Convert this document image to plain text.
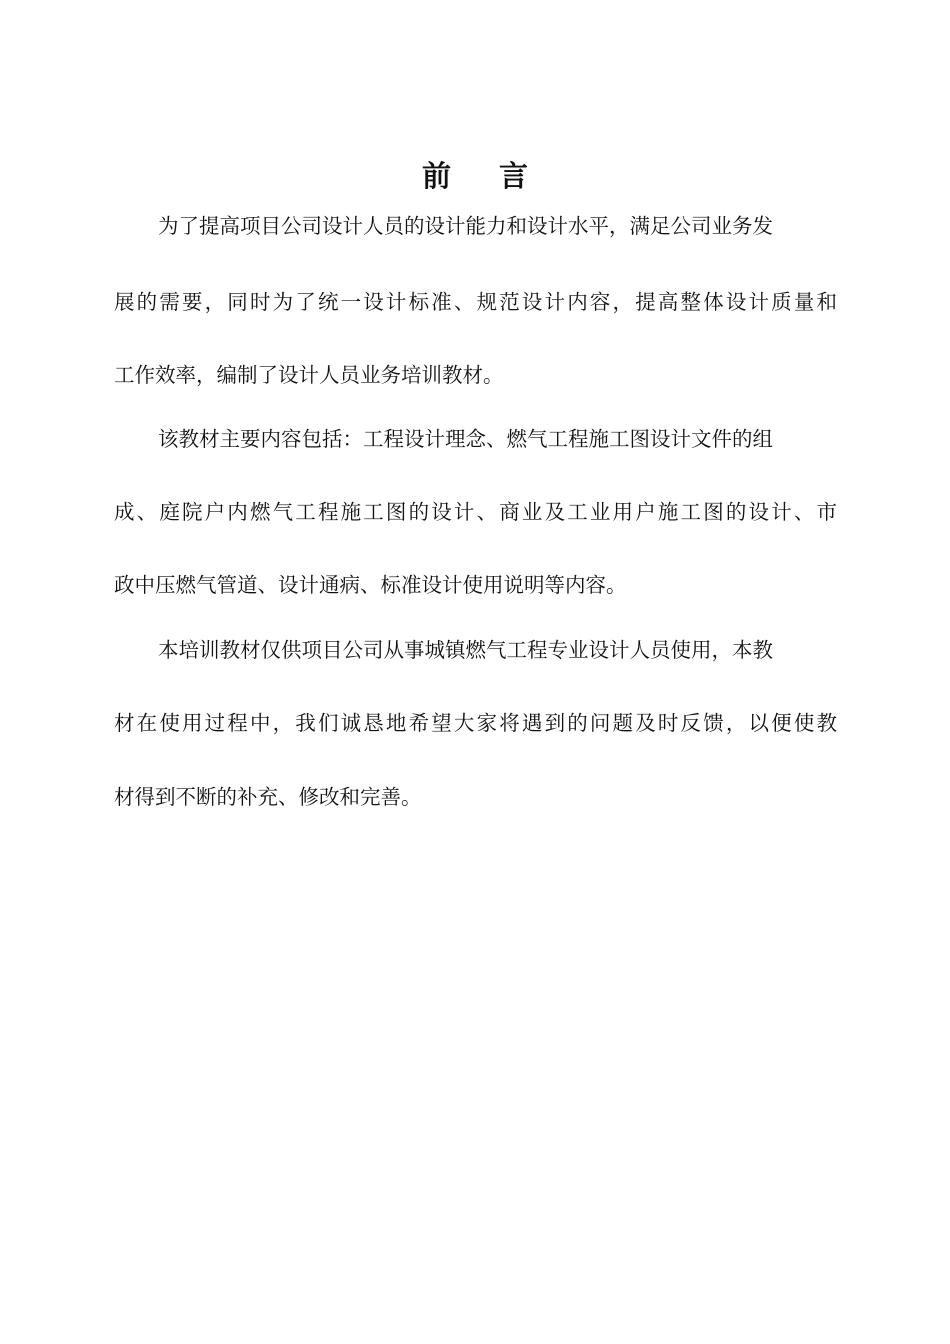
前 言
为了提高项目公司设计人员的设计能力和设计水平，满足公司业务发
展的需要，同时为了统一设计标准、规范设计内容，提高整体设计质量和
工作效率，编制了设计人员业务培训教材。
该教材主要内容包括：工程设计理念、燃气工程施工图设计文件的组
成、庭院户内燃气工程施工图的设计、商业及工业用户施工图的设计、市
政中压燃气管道、设计通病、标准设计使用说明等内容。
本培训教材仅供项目公司从事城镇燃气工程专业设计人员使用，本教
材在使用过程中，我们诚恳地希望大家将遇到的问题及时反馈，以便使教
材得到不断的补充、修改和完善。
